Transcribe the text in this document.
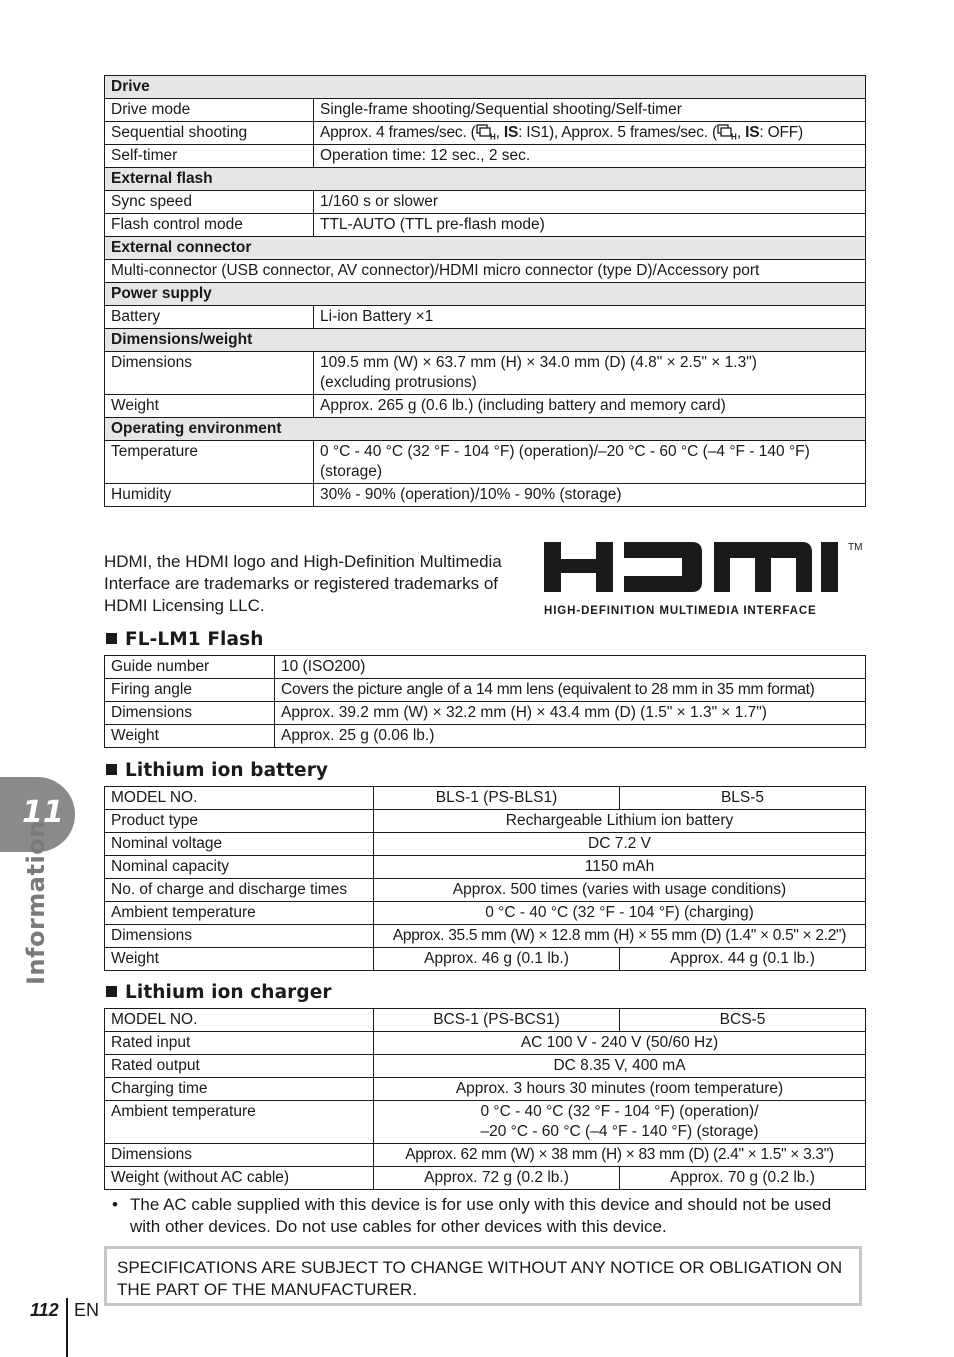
Drive	
Drive mode	Single-frame shooting/Sequential shooting/Self-timer
Sequential shooting	Approx. 4 frames/sec. ( H , IS: IS1), Approx. 5 frames/sec. ( H , IS: OFF)
Self-timer	Operation time: 12 sec., 2 sec.
External flash	
Sync speed	1/160 s or slower
Flash control mode	TTL-AUTO (TTL pre-flash mode)
External connector	
Multi-connector (USB connector, AV connector)/HDMI micro connector (type D)/Accessory port	
Power supply	
Battery	Li-ion Battery ×1
Dimensions/weight	
Dimensions	109.5 mm (W) × 63.7 mm (H) × 34.0 mm (D) (4.8" × 2.5" × 1.3") (excluding protrusions)
Weight	Approx. 265 g (0.6 lb.) (including battery and memory card)
Operating environment	
Temperature	0 °C - 40 °C (32 °F - 104 °F) (operation)/–20 °C - 60 °C (–4 °F - 140 °F) (storage)
Humidity	30% - 90% (operation)/10% - 90% (storage)
HDMI, the HDMI logo and High-Definition Multimedia Interface are trademarks or registered trademarks of HDMI Licensing LLC.
TM
HIGH-DEFINITION MULTIMEDIA INTERFACE
FL-LM1 Flash
Guide number	10 (ISO200)
Firing angle	Covers the picture angle of a 14 mm lens (equivalent to 28 mm in 35 mm format)
Dimensions	Approx. 39.2 mm (W) × 32.2 mm (H) × 43.4 mm (D) (1.5" × 1.3" × 1.7")
Weight	Approx. 25 g (0.06 lb.)
Lithium ion battery
MODEL NO.	BLS-1 (PS-BLS1)	BLS-5
Product type	Rechargeable Lithium ion battery	
Nominal voltage	DC 7.2 V	
Nominal capacity	1150 mAh	
No. of charge and discharge times	Approx. 500 times (varies with usage conditions)	
Ambient temperature	0 °C - 40 °C (32 °F - 104 °F) (charging)	
Dimensions	Approx. 35.5 mm (W) × 12.8 mm (H) × 55 mm (D) (1.4" × 0.5" × 2.2")	
Weight	Approx. 46 g (0.1 lb.)	Approx. 44 g (0.1 lb.)
Lithium ion charger
MODEL NO.	BCS-1 (PS-BCS1)	BCS-5
Rated input	AC 100 V - 240 V (50/60 Hz)	
Rated output	DC 8.35 V, 400 mA	
Charging time	Approx. 3 hours 30 minutes (room temperature)	
Ambient temperature	0 °C - 40 °C (32 °F - 104 °F) (operation)/
–20 °C - 60 °C (–4 °F - 140 °F) (storage)	

Dimensions	Approx. 62 mm (W) × 38 mm (H) × 83 mm (D) (2.4" × 1.5" × 3.3")	
Weight (without AC cable)	Approx. 72 g (0.2 lb.)	Approx. 70 g (0.2 lb.)
• The AC cable supplied with this device is for use only with this device and should not be used with other devices. Do not use cables for other devices with this device.
SPECIFICATIONS ARE SUBJECT TO CHANGE WITHOUT ANY NOTICE OR OBLIGATION ON THE PART OF THE MANUFACTURER.
11
Information
112 EN
